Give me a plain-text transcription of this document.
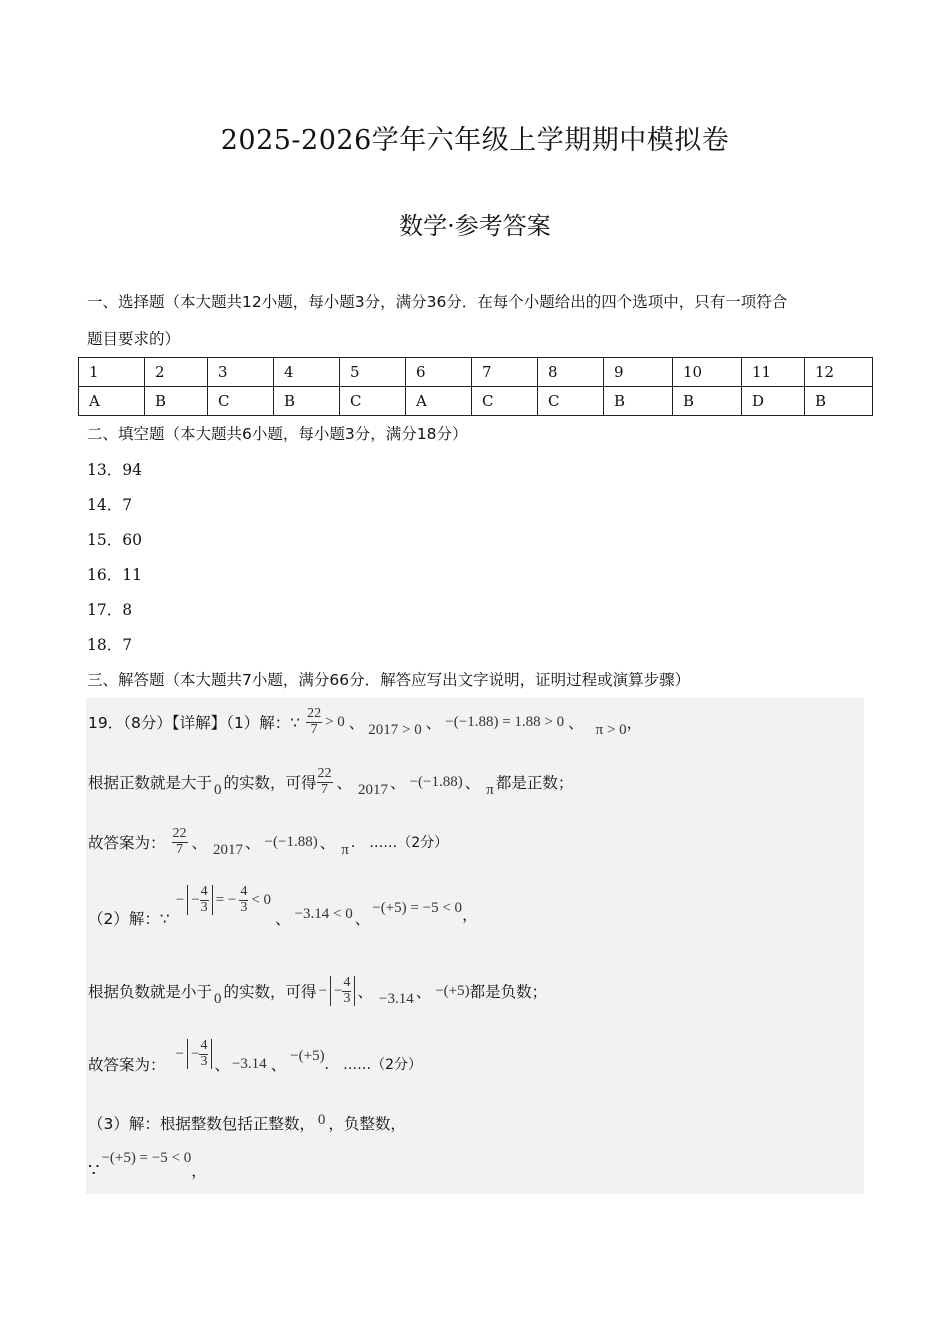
2025-2026学年六年级上学期期中模拟卷
数学·参考答案
一、选择题（本大题共12小题，每小题3分，满分36分．在每个小题给出的四个选项中，只有一项符合
题目要求的）
1	2	3	4	5	6	7	8	9	10	11	12
A	B	C	B	C	A	C	C	B	B	D	B
二、填空题（本大题共6小题，每小题3分，满分18分）
13．94
14．7
15．60
16．11
17．8
18．7
三、解答题（本大题共7小题，满分66分．解答应写出文字说明，证明过程或演算步骤）
19．（8分）【详解】（1）解：∵ $\frac{22}{7} > 0$ 、 2017 > 0 、 −(−1.88) = 1.88 > 0 、 π > 0 ，
根据正数就是大于 0 的实数，可得 $\frac{22}{7}$ 、 2017 、 −(−1.88) 、 π 都是正数；
故答案为： $\frac{22}{7}$ 、 2017 、 −(−1.88) 、 π ． ……（2分）
（2）解：∵
− − $\frac{4}{3}$ = − $\frac{4}{3} < 0$
、 −3.14 < 0 、
−(+5) = −5 < 0 ，
根据负数就是小于 0 的实数，可得 − − $\frac{4}{3}$ 、 −3.14 、 −(+5) 都是负数；
故答案为：
− − $\frac{4}{3}$ 、 −3.14 、
−(+5)
． ……（2分）
（3）解：根据整数包括正整数， 0 ，负整数，
∵
−(+5) = −5 < 0
，
